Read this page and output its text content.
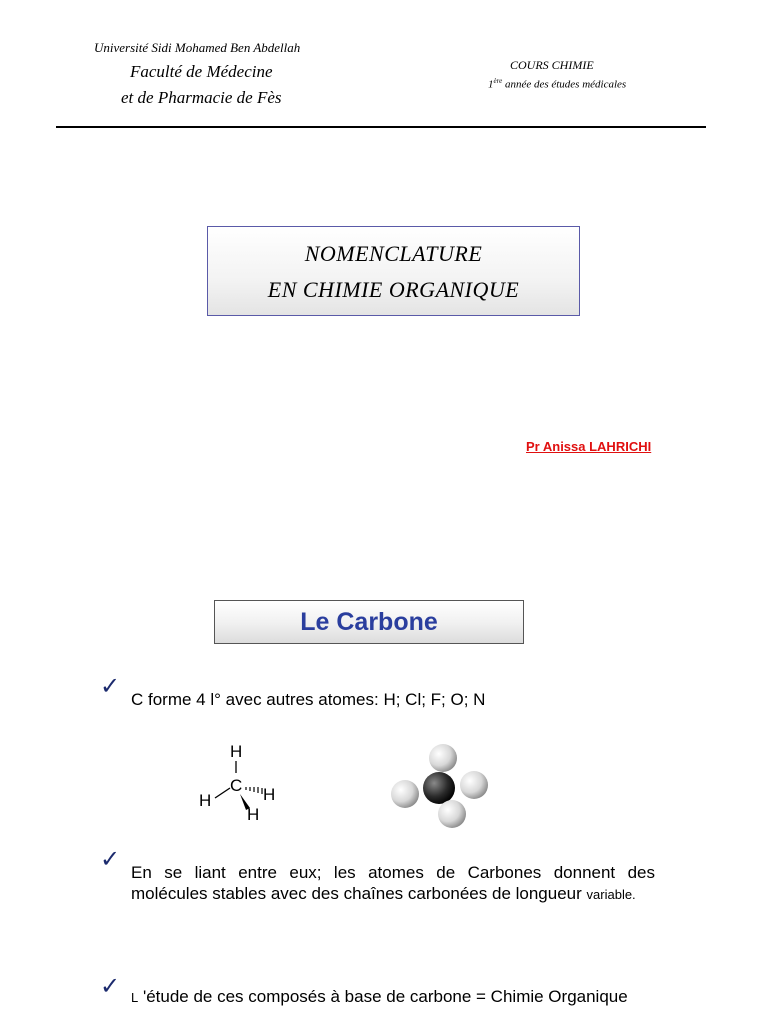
Université Sidi Mohamed Ben Abdellah
Faculté de Médecine
et de Pharmacie de Fès
COURS CHIMIE
1ère année des études médicales
NOMENCLATURE
EN CHIMIE ORGANIQUE
Pr Anissa LAHRICHI
Le Carbone
✓ C forme 4 l° avec autres atomes: H; Cl; F; O; N
H
C
H	H
H
✓ En se liant entre eux; les atomes de Carbones donnent des molécules stables avec des chaînes carbonées de longueur variable.
✓ L 'étude de ces composés à base de carbone = Chimie Organique
